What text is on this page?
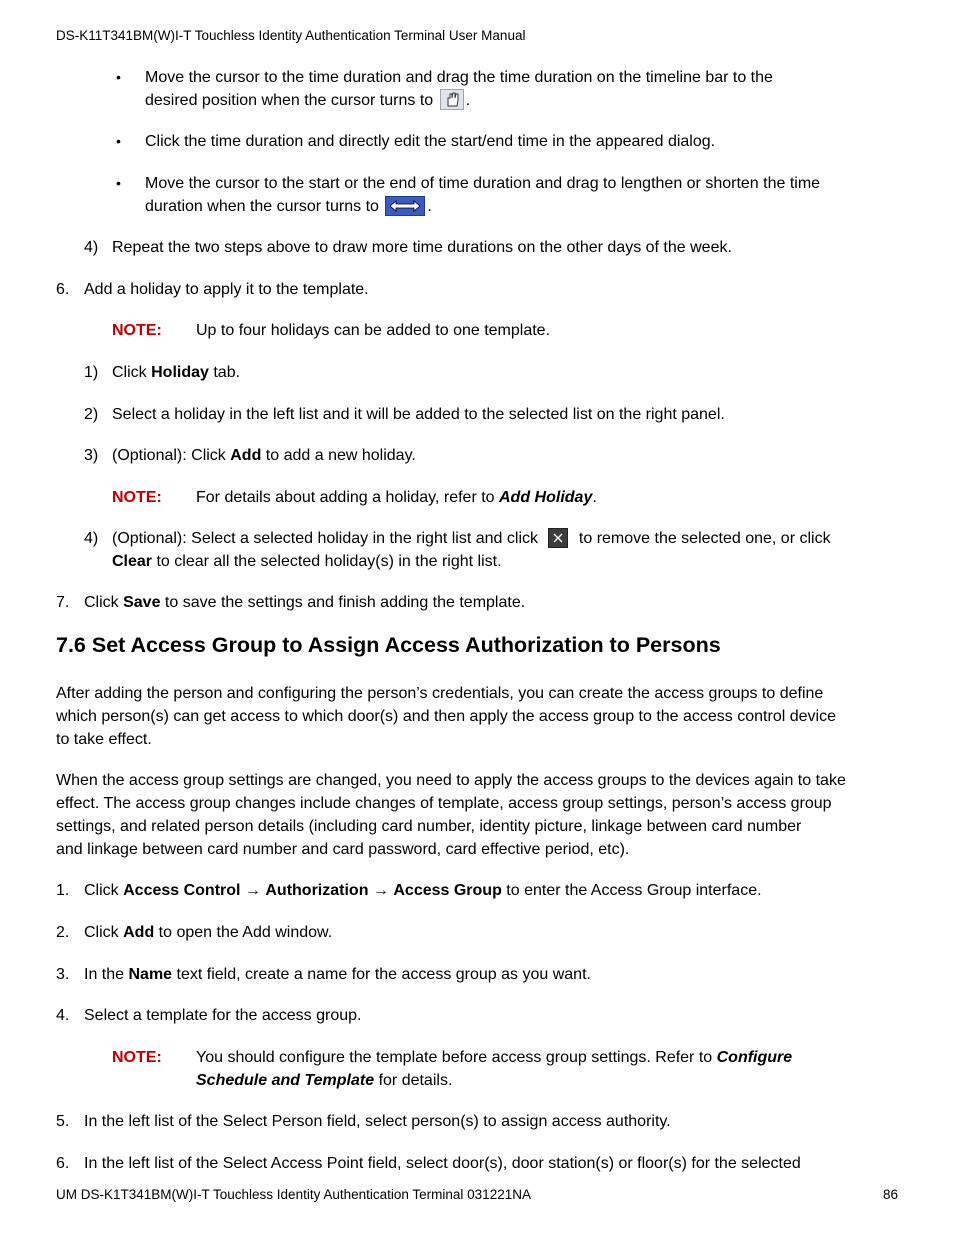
DS-K11T341BM(W)I-T Touchless Identity Authentication Terminal User Manual
• Move the cursor to the time duration and drag the time duration on the timeline bar to the
desired position when the cursor turns to .
• Click the time duration and directly edit the start/end time in the appeared dialog.
• Move the cursor to the start or the end of time duration and drag to lengthen or shorten the time
duration when the cursor turns to	.
4) Repeat the two steps above to draw more time durations on the other days of the week.
6. Add a holiday to apply it to the template.
NOTE: Up to four holidays can be added to one template.
1) Click Holiday tab.
2) Select a holiday in the left list and it will be added to the selected list on the right panel.
3) (Optional): Click Add to add a new holiday.
NOTE: For details about adding a holiday, refer to Add Holiday.
4) (Optional): Select a selected holiday in the right list and click	to remove the selected one, or click
Clear to clear all the selected holiday(s) in the right list.
7. Click Save to save the settings and finish adding the template.
7.6 Set Access Group to Assign Access Authorization to Persons
After adding the person and configuring the person’s credentials, you can create the access groups to define
which person(s) can get access to which door(s) and then apply the access group to the access control device
to take effect.
When the access group settings are changed, you need to apply the access groups to the devices again to take
effect. The access group changes include changes of template, access group settings, person’s access group
settings, and related person details (including card number, identity picture, linkage between card number
and linkage between card number and card password, card effective period, etc).
1. Click Access Control → Authorization → Access Group to enter the Access Group interface.
2. Click Add to open the Add window.
3. In the Name text field, create a name for the access group as you want.
4. Select a template for the access group.
NOTE: You should configure the template before access group settings. Refer to Configure
Schedule and Template for details.
5. In the left list of the Select Person field, select person(s) to assign access authority.
6. In the left list of the Select Access Point field, select door(s), door station(s) or floor(s) for the selected
UM DS-K1T341BM(W)I-T Touchless Identity Authentication Terminal 031221NA	86
